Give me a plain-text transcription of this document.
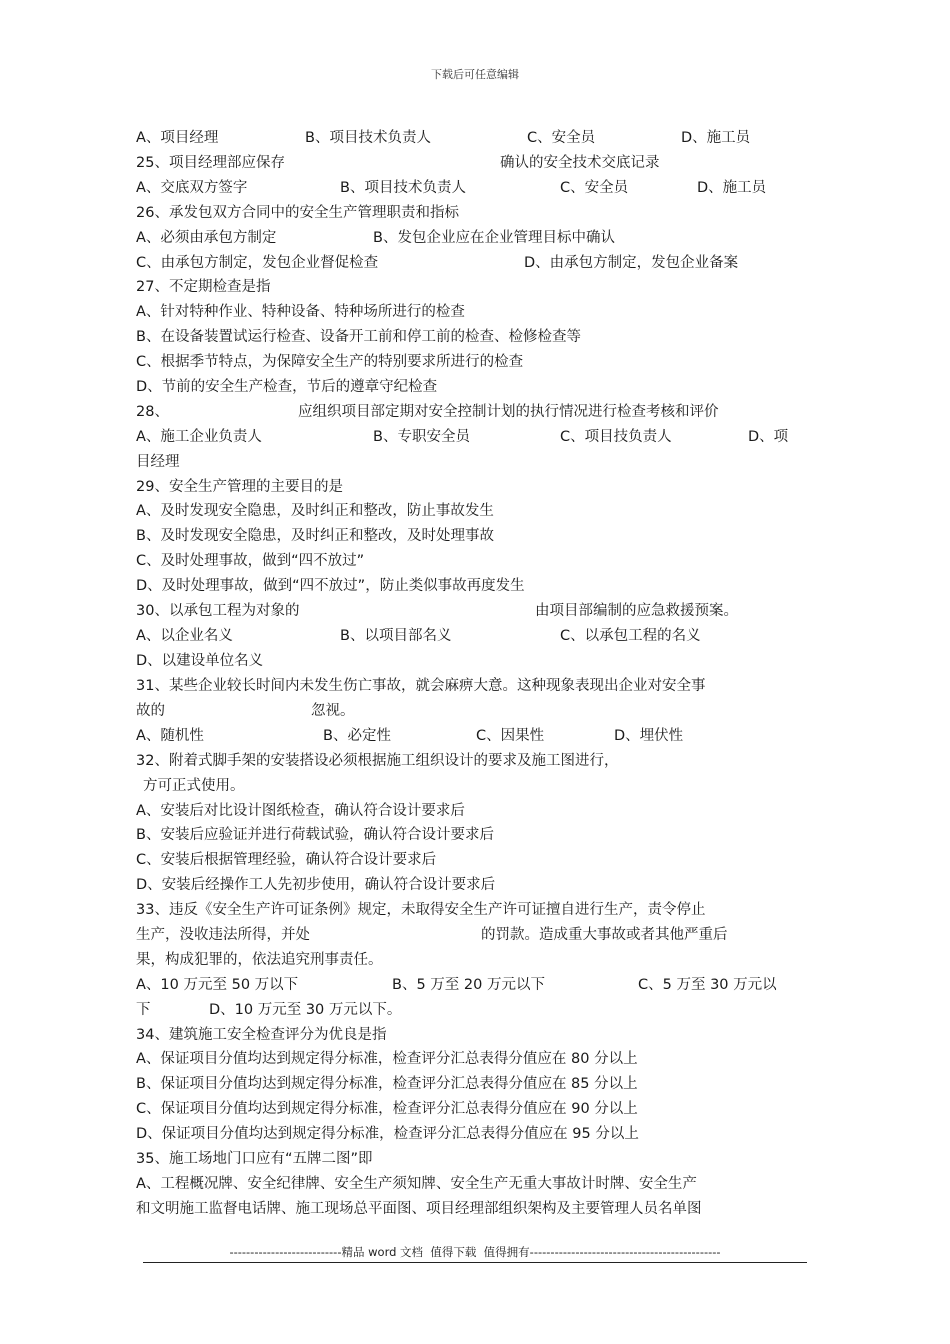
下载后可任意编辑
A、项目经理	B、项目技术负责人	C、安全员	D、施工员
25、项目经理部应保存	确认的安全技术交底记录
A、交底双方签字	B、项目技术负责人	C、安全员	D、施工员
26、承发包双方合同中的安全生产管理职责和指标
A、必须由承包方制定	B、发包企业应在企业管理目标中确认
C、由承包方制定，发包企业督促检查	D、由承包方制定，发包企业备案
27、不定期检查是指
A、针对特种作业、特种设备、特种场所进行的检查
B、在设备装置试运行检查、设备开工前和停工前的检查、检修检查等
C、根据季节特点，为保障安全生产的特别要求所进行的检查
D、节前的安全生产检查，节后的遵章守纪检查
28、	应组织项目部定期对安全控制计划的执行情况进行检查考核和评价
A、施工企业负责人	B、专职安全员	C、项目技负责人	D、项
目经理
29、安全生产管理的主要目的是
A、及时发现安全隐患，及时纠正和整改，防止事故发生
B、及时发现安全隐患，及时纠正和整改，及时处理事故
C、及时处理事故，做到“四不放过”
D、及时处理事故，做到“四不放过”，防止类似事故再度发生
30、以承包工程为对象的	由项目部编制的应急救援预案。
A、以企业名义	B、以项目部名义	C、以承包工程的名义
D、以建设单位名义
31、某些企业较长时间内未发生伤亡事故，就会麻痹大意。这种现象表现出企业对安全事
故的	忽视。
A、随机性	B、必定性	C、因果性	D、埋伏性
32、附着式脚手架的安装搭设必须根据施工组织设计的要求及施工图进行，
方可正式使用。
A、安装后对比设计图纸检查，确认符合设计要求后
B、安装后应验证并进行荷载试验，确认符合设计要求后
C、安装后根据管理经验，确认符合设计要求后
D、安装后经操作工人先初步使用，确认符合设计要求后
33、违反《安全生产许可证条例》规定，未取得安全生产许可证擅自进行生产，责令停止
生产，没收违法所得，并处	的罚款。造成重大事故或者其他严重后
果，构成犯罪的，依法追究刑事责任。
A、10 万元至 50 万以下	B、5 万至 20 万元以下	C、5 万至 30 万元以
下	D、10 万元至 30 万元以下。
34、建筑施工安全检查评分为优良是指
A、保证项目分值均达到规定得分标准，检查评分汇总表得分值应在 80 分以上
B、保证项目分值均达到规定得分标准，检查评分汇总表得分值应在 85 分以上
C、保证项目分值均达到规定得分标准，检查评分汇总表得分值应在 90 分以上
D、保证项目分值均达到规定得分标准，检查评分汇总表得分值应在 95 分以上
35、施工场地门口应有“五牌二图”即
A、工程概况牌、安全纪律牌、安全生产须知牌、安全生产无重大事故计时牌、安全生产
和文明施工监督电话牌、施工现场总平面图、项目经理部组织架构及主要管理人员名单图
---------------------------精品 word 文档  值得下载  值得拥有----------------------------------------------
